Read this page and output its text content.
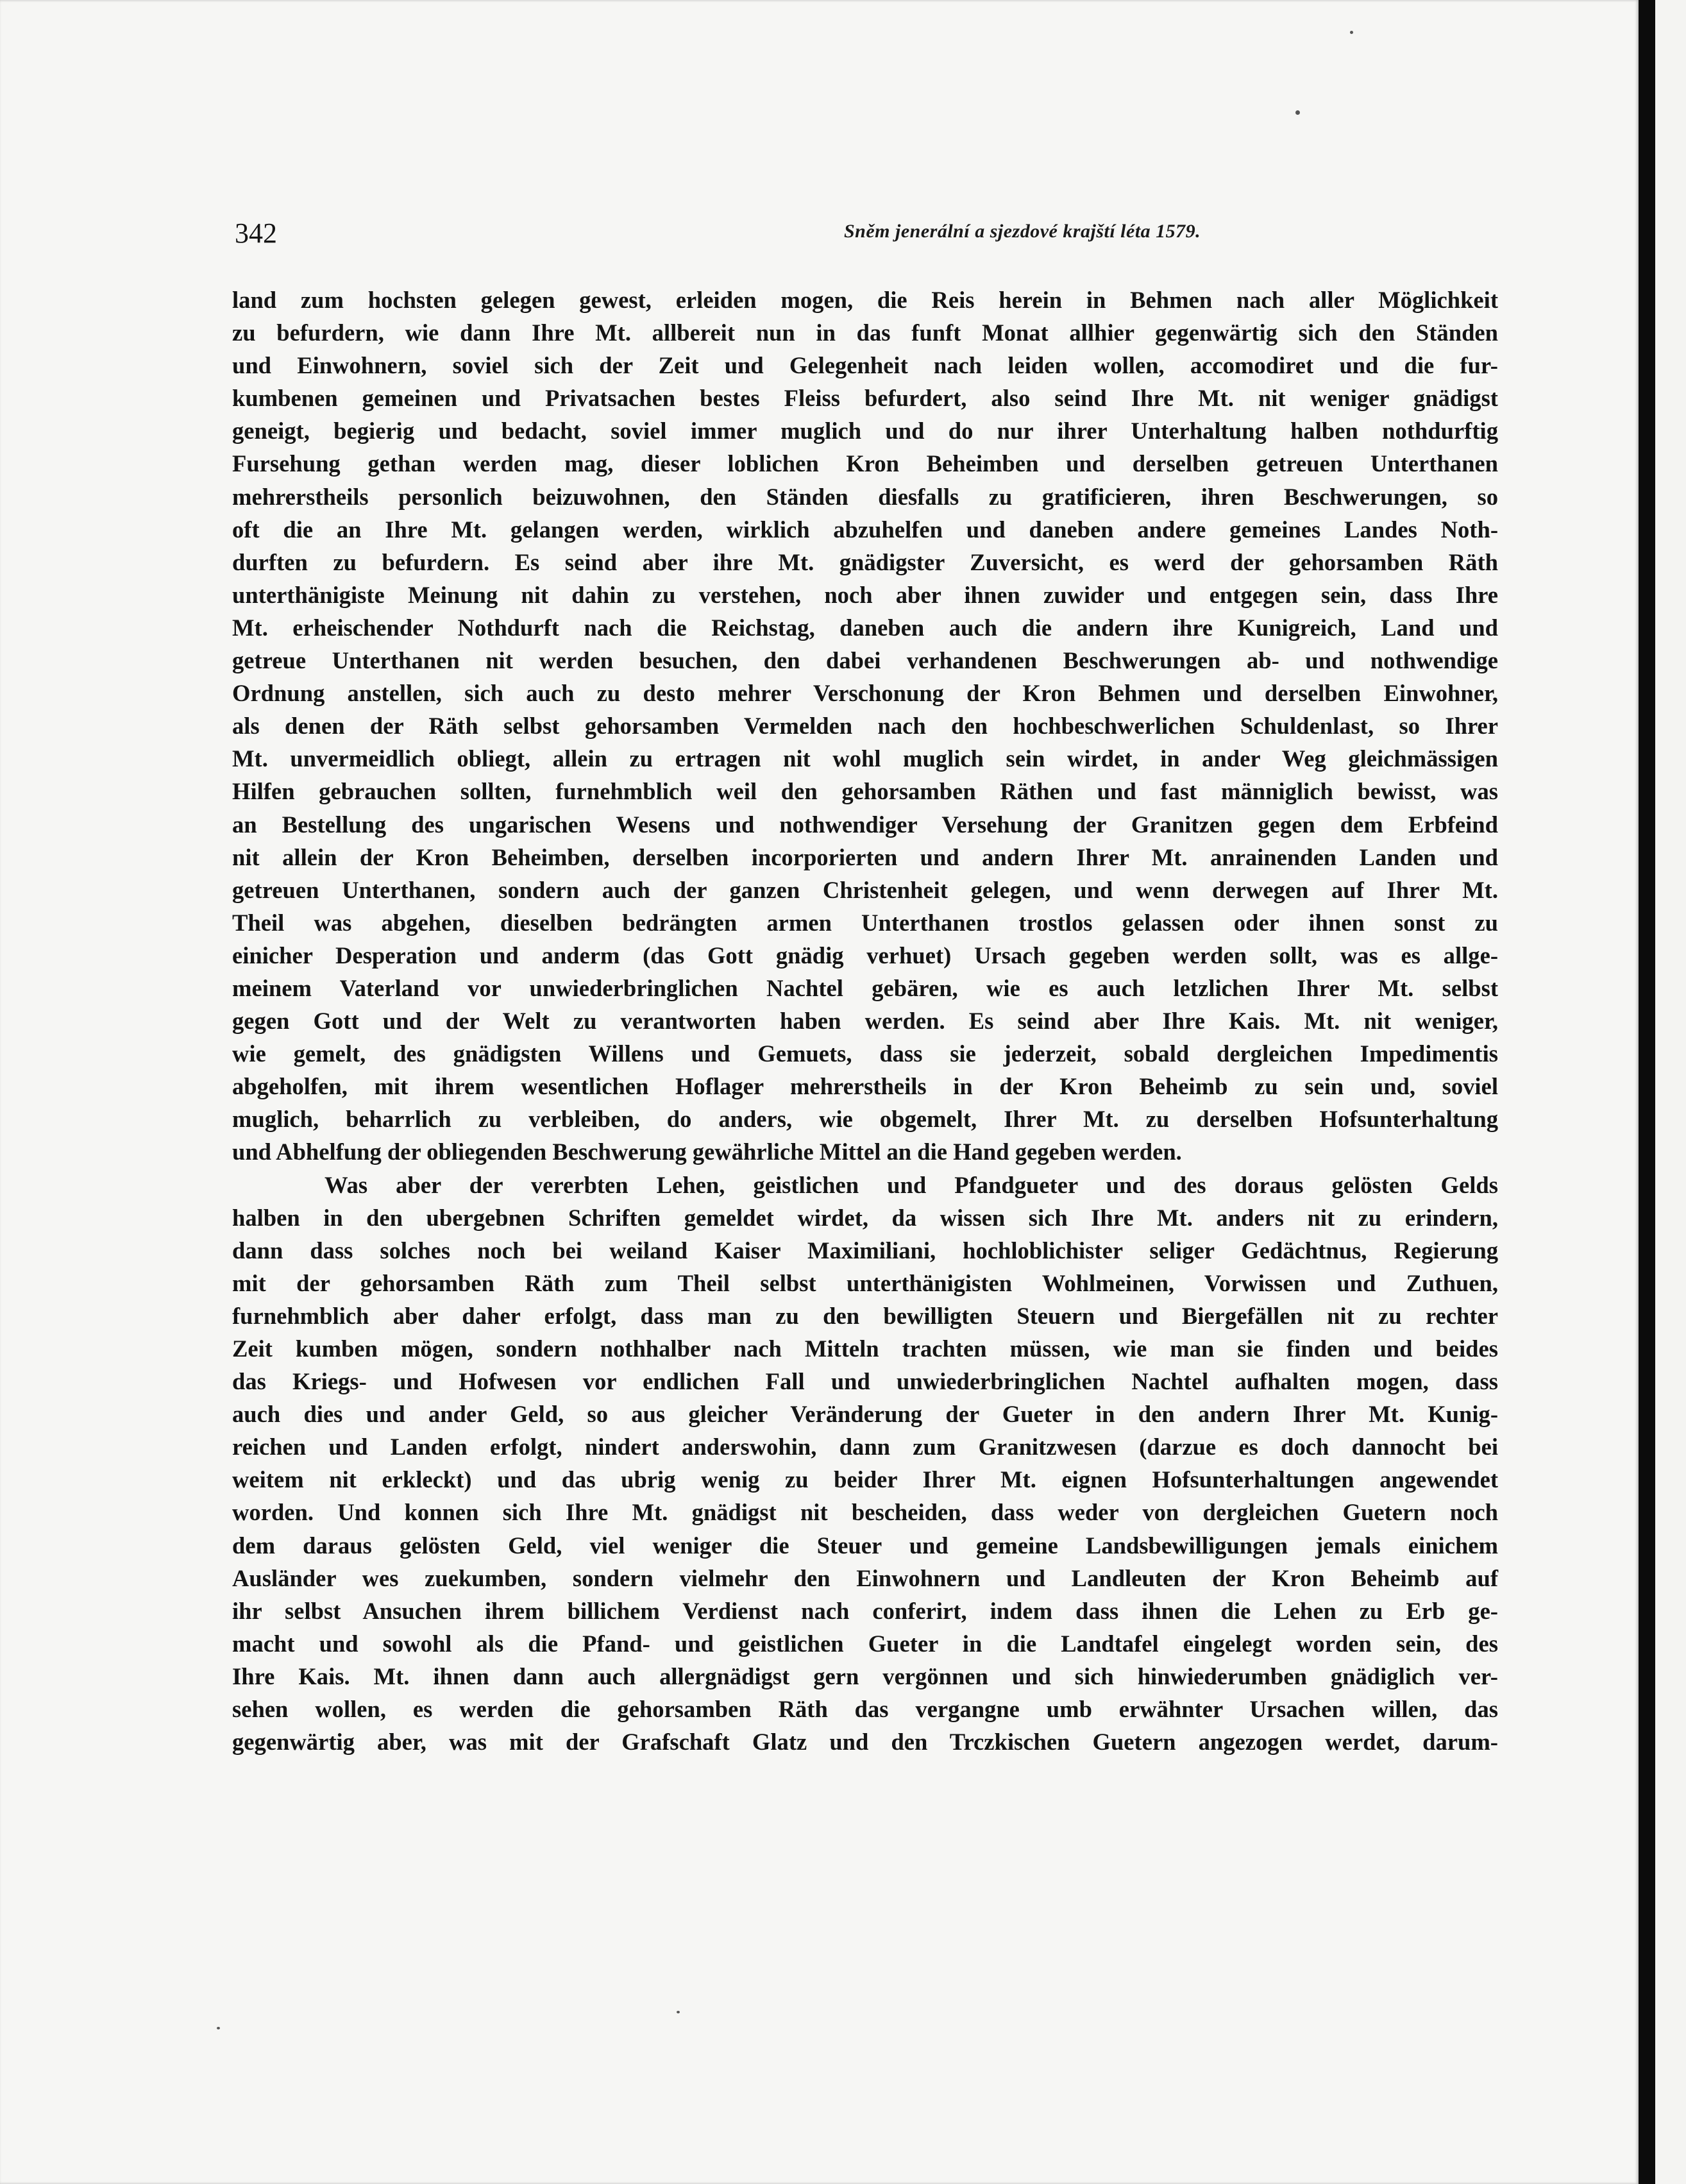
342	Sněm jenerální a sjezdové krajští léta 1579.
land zum hochsten gelegen gewest, erleiden mogen, die Reis herein in Behmen nach aller Möglichkeit
zu befurdern, wie dann Ihre Mt. allbereit nun in das funft Monat allhier gegenwärtig sich den Ständen
und Einwohnern, soviel sich der Zeit und Gelegenheit nach leiden wollen, accomodiret und die fur-
kumbenen gemeinen und Privatsachen bestes Fleiss befurdert, also seind Ihre Mt. nit weniger gnädigst
geneigt, begierig und bedacht, soviel immer muglich und do nur ihrer Unterhaltung halben nothdurftig
Fursehung gethan werden mag, dieser loblichen Kron Beheimben und derselben getreuen Unterthanen
mehrerstheils personlich beizuwohnen, den Ständen diesfalls zu gratificieren, ihren Beschwerungen, so
oft die an Ihre Mt. gelangen werden, wirklich abzuhelfen und daneben andere gemeines Landes Noth-
durften zu befurdern. Es seind aber ihre Mt. gnädigster Zuversicht, es werd der gehorsamben Räth
unterthänigiste Meinung nit dahin zu verstehen, noch aber ihnen zuwider und entgegen sein, dass Ihre
Mt. erheischender Nothdurft nach die Reichstag, daneben auch die andern ihre Kunigreich, Land und
getreue Unterthanen nit werden besuchen, den dabei verhandenen Beschwerungen ab- und nothwendige
Ordnung anstellen, sich auch zu desto mehrer Verschonung der Kron Behmen und derselben Einwohner,
als denen der Räth selbst gehorsamben Vermelden nach den hochbeschwerlichen Schuldenlast, so Ihrer
Mt. unvermeidlich obliegt, allein zu ertragen nit wohl muglich sein wirdet, in ander Weg gleichmässigen
Hilfen gebrauchen sollten, furnehmblich weil den gehorsamben Räthen und fast männiglich bewisst, was
an Bestellung des ungarischen Wesens und nothwendiger Versehung der Granitzen gegen dem Erbfeind
nit allein der Kron Beheimben, derselben incorporierten und andern Ihrer Mt. anrainenden Landen und
getreuen Unterthanen, sondern auch der ganzen Christenheit gelegen, und wenn derwegen auf Ihrer Mt.
Theil was abgehen, dieselben bedrängten armen Unterthanen trostlos gelassen oder ihnen sonst zu
einicher Desperation und anderm (das Gott gnädig verhuet) Ursach gegeben werden sollt, was es allge-
meinem Vaterland vor unwiederbringlichen Nachtel gebären, wie es auch letzlichen Ihrer Mt. selbst
gegen Gott und der Welt zu verantworten haben werden. Es seind aber Ihre Kais. Mt. nit weniger,
wie gemelt, des gnädigsten Willens und Gemuets, dass sie jederzeit, sobald dergleichen Impedimentis
abgeholfen, mit ihrem wesentlichen Hoflager mehrerstheils in der Kron Beheimb zu sein und, soviel
muglich, beharrlich zu verbleiben, do anders, wie obgemelt, Ihrer Mt. zu derselben Hofsunterhaltung
und Abhelfung der obliegenden Beschwerung gewährliche Mittel an die Hand gegeben werden.
Was aber der vererbten Lehen, geistlichen und Pfandgueter und des doraus gelösten Gelds
halben in den ubergebnen Schriften gemeldet wirdet, da wissen sich Ihre Mt. anders nit zu erindern,
dann dass solches noch bei weiland Kaiser Maximiliani, hochloblichister seliger Gedächtnus, Regierung
mit der gehorsamben Räth zum Theil selbst unterthänigisten Wohlmeinen, Vorwissen und Zuthuen,
furnehmblich aber daher erfolgt, dass man zu den bewilligten Steuern und Biergefällen nit zu rechter
Zeit kumben mögen, sondern nothhalber nach Mitteln trachten müssen, wie man sie finden und beides
das Kriegs- und Hofwesen vor endlichen Fall und unwiederbringlichen Nachtel aufhalten mogen, dass
auch dies und ander Geld, so aus gleicher Veränderung der Gueter in den andern Ihrer Mt. Kunig-
reichen und Landen erfolgt, nindert anderswohin, dann zum Granitzwesen (darzue es doch dannocht bei
weitem nit erkleckt) und das ubrig wenig zu beider Ihrer Mt. eignen Hofsunterhaltungen angewendet
worden. Und konnen sich Ihre Mt. gnädigst nit bescheiden, dass weder von dergleichen Guetern noch
dem daraus gelösten Geld, viel weniger die Steuer und gemeine Landsbewilligungen jemals einichem
Ausländer wes zuekumben, sondern vielmehr den Einwohnern und Landleuten der Kron Beheimb auf
ihr selbst Ansuchen ihrem billichem Verdienst nach conferirt, indem dass ihnen die Lehen zu Erb ge-
macht und sowohl als die Pfand- und geistlichen Gueter in die Landtafel eingelegt worden sein, des
Ihre Kais. Mt. ihnen dann auch allergnädigst gern vergönnen und sich hinwiederumben gnädiglich ver-
sehen wollen, es werden die gehorsamben Räth das vergangne umb erwähnter Ursachen willen, das
gegenwärtig aber, was mit der Grafschaft Glatz und den Trczkischen Guetern angezogen werdet, darum-
